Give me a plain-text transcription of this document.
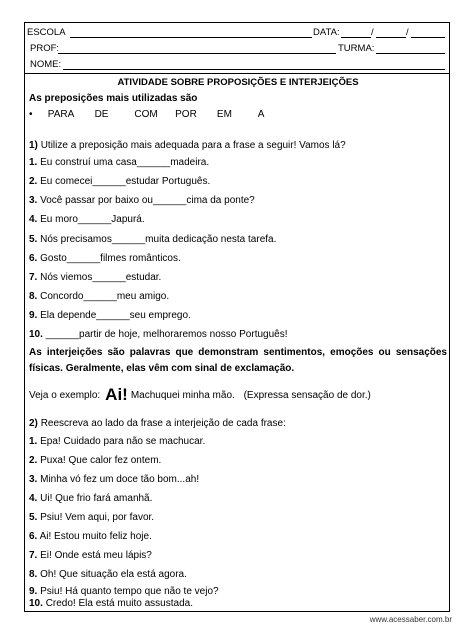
ESCOLA	DATA:	/	/
PROF:	TURMA:
NOME:
ATIVIDADE SOBRE PROPOSIÇÕES E INTERJEIÇÕES
As preposições mais utilizadas são
• PARA DE	COM POR EM	A
1) Utilize a preposição mais adequada para a frase a seguir! Vamos lá?
1. Eu construí uma casa______madeira.
2. Eu comecei______estudar Português.
3. Você passar por baixo ou______cima da ponte?
4. Eu moro______Japurá.
5. Nós precisamos______muita dedicação nesta tarefa.
6. Gosto______filmes românticos.
7. Nós viemos______estudar.
8. Concordo______meu amigo.
9. Ela depende______seu emprego.
10. ______partir de hoje, melhoraremos nosso Português!
As interjeições são palavras que demonstram sentimentos, emoções ou sensações físicas. Geralmente, elas vêm com sinal de exclamação.
Veja o exemplo: Ai! Machuquei minha mão. (Expressa sensação de dor.)
2) Reescreva ao lado da frase a interjeição de cada frase:
1. Epa! Cuidado para não se machucar.
2. Puxa! Que calor fez ontem.
3. Minha vó fez um doce tão bom...ah!
4. Ui! Que frio fará amanhã.
5. Psiu! Vem aqui, por favor.
6. Ai! Estou muito feliz hoje.
7. Ei! Onde está meu lápis?
8. Oh! Que situação ela está agora.
9. Psiu! Há quanto tempo que não te vejo?
10. Credo! Ela está muito assustada.
www.acessaber.com.br
